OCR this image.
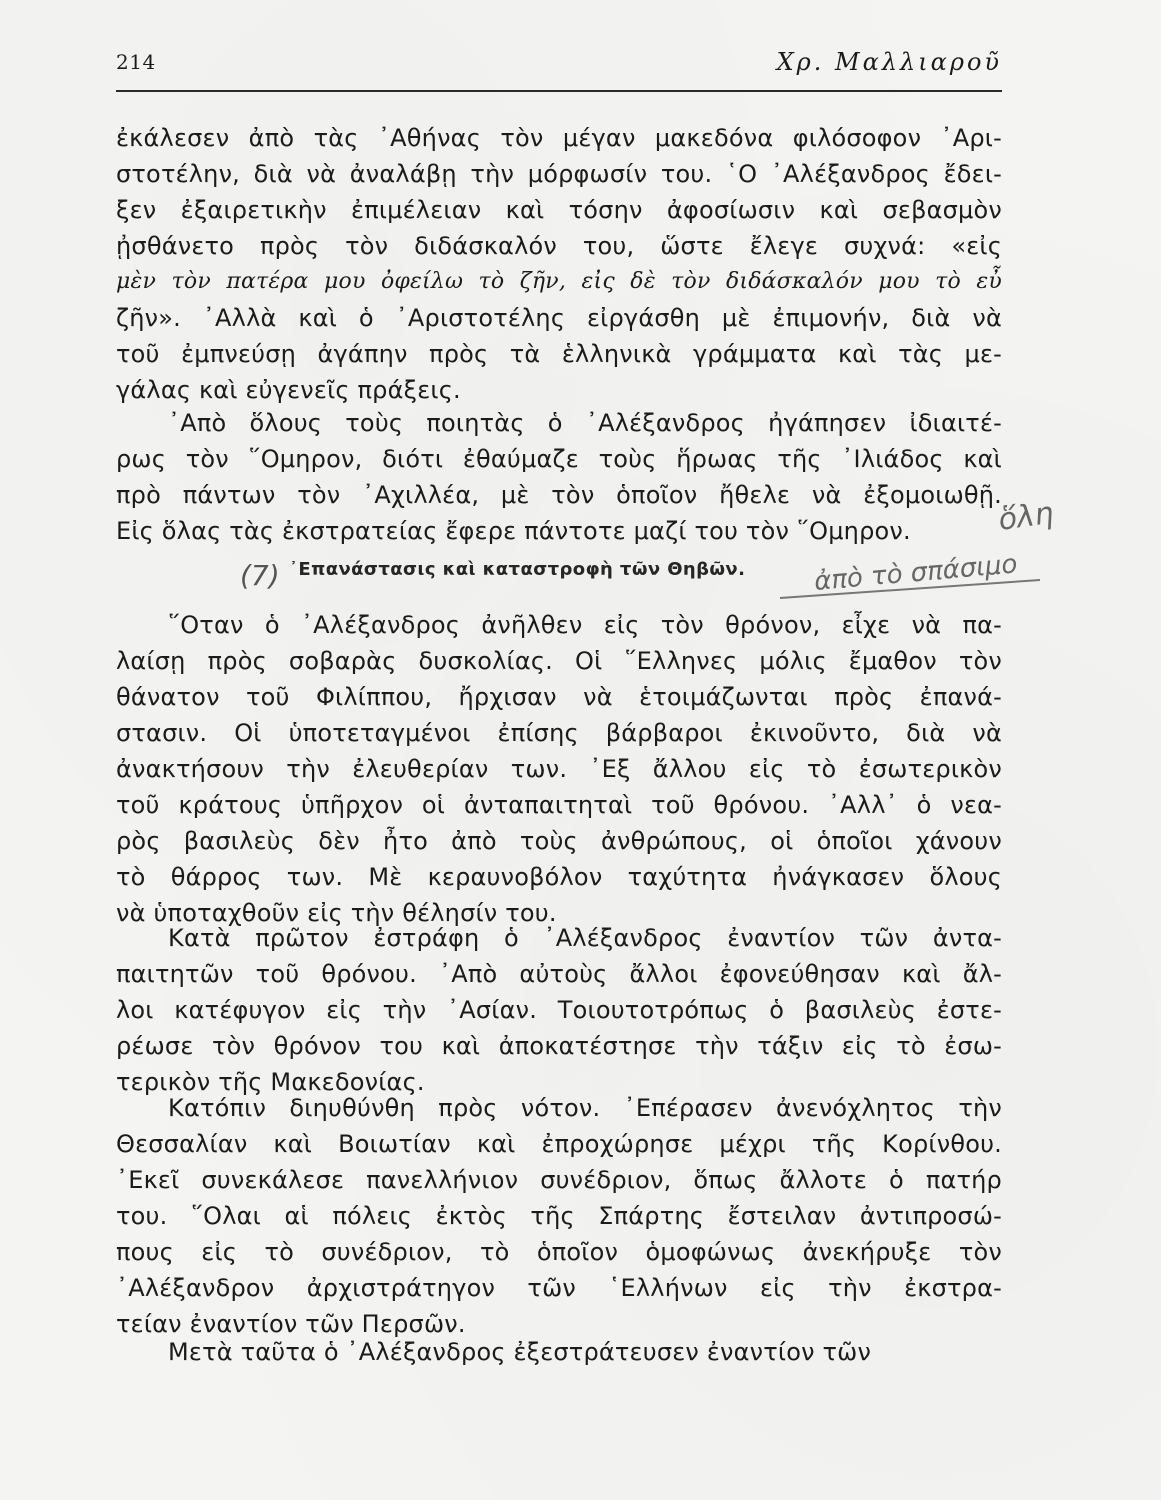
214	Χρ. Μαλλιαροῦ
ἐκάλεσεν ἀπὸ τὰς ᾿Αθήνας τὸν μέγαν μακεδόνα φιλόσοφον ᾿Αρι-
στοτέλην, διὰ νὰ ἀναλάβῃ τὴν μόρφωσίν του. ῾Ο ᾿Αλέξανδρος ἔδει-
ξεν ἐξαιρετικὴν ἐπιμέλειαν καὶ τόσην ἀφοσίωσιν καὶ σεβασμὸν
ᾐσθάνετο πρὸς τὸν διδάσκαλόν του, ὥστε ἔλεγε συχνά: «εἰς
μὲν τὸν πατέρα μου ὀφείλω τὸ ζῆν, εἰς δὲ τὸν διδάσκαλόν μου τὸ εὖ
ζῆν». ᾿Αλλὰ καὶ ὁ ᾿Αριστοτέλης εἰργάσθη μὲ ἐπιμονήν, διὰ νὰ
τοῦ ἐμπνεύσῃ ἀγάπην πρὸς τὰ ἑλληνικὰ γράμματα καὶ τὰς με-
γάλας καὶ εὐγενεῖς πράξεις.
᾿Απὸ ὅλους τοὺς ποιητὰς ὁ ᾿Αλέξανδρος ἠγάπησεν ἰδιαιτέ-
ρως τὸν ῞Ομηρον, διότι ἐθαύμαζε τοὺς ἥρωας τῆς ᾿Ιλιάδος καὶ
πρὸ πάντων τὸν ᾿Αχιλλέα, μὲ τὸν ὁποῖον ἤθελε νὰ ἐξομοιωθῇ.
Εἰς ὅλας τὰς ἐκστρατείας ἔφερε πάντοτε μαζί του τὸν ῞Ομηρον.
᾿Επανάστασις καὶ καταστροφὴ τῶν Θηβῶν.
῞Οταν ὁ ᾿Αλέξανδρος ἀνῆλθεν εἰς τὸν θρόνον, εἶχε νὰ πα-
λαίσῃ πρὸς σοβαρὰς δυσκολίας. Οἱ ῞Ελληνες μόλις ἔμαθον τὸν
θάνατον τοῦ Φιλίππου, ἤρχισαν νὰ ἑτοιμάζωνται πρὸς ἐπανά-
στασιν. Οἱ ὑποτεταγμένοι ἐπίσης βάρβαροι ἐκινοῦντο, διὰ νὰ
ἀνακτήσουν τὴν ἐλευθερίαν των. ᾿Εξ ἄλλου εἰς τὸ ἐσωτερικὸν
τοῦ κράτους ὑπῆρχον οἱ ἀνταπαιτηταὶ τοῦ θρόνου. ᾿Αλλ᾿ ὁ νεα-
ρὸς βασιλεὺς δὲν ἦτο ἀπὸ τοὺς ἀνθρώπους, οἱ ὁποῖοι χάνουν
τὸ θάρρος των. Μὲ κεραυνοβόλον ταχύτητα ἠνάγκασεν ὅλους
νὰ ὑποταχθοῦν εἰς τὴν θέλησίν του.
Κατὰ πρῶτον ἐστράφη ὁ ᾿Αλέξανδρος ἐναντίον τῶν ἀντα-
παιτητῶν τοῦ θρόνου. ᾿Απὸ αὐτοὺς ἄλλοι ἐφονεύθησαν καὶ ἄλ-
λοι κατέφυγον εἰς τὴν ᾿Ασίαν. Τοιουτοτρόπως ὁ βασιλεὺς ἐστε-
ρέωσε τὸν θρόνον του καὶ ἀποκατέστησε τὴν τάξιν εἰς τὸ ἐσω-
τερικὸν τῆς Μακεδονίας.
Κατόπιν διηυθύνθη πρὸς νότον. ᾿Επέρασεν ἀνενόχλητος τὴν
Θεσσαλίαν καὶ Βοιωτίαν καὶ ἐπροχώρησε μέχρι τῆς Κορίνθου.
᾿Εκεῖ συνεκάλεσε πανελλήνιον συνέδριον, ὅπως ἄλλοτε ὁ πατήρ
του. ῞Ολαι αἱ πόλεις ἐκτὸς τῆς Σπάρτης ἔστειλαν ἀντιπροσώ-
πους εἰς τὸ συνέδριον, τὸ ὁποῖον ὁμοφώνως ἀνεκήρυξε τὸν
᾿Αλέξανδρον ἀρχιστράτηγον τῶν ῾Ελλήνων εἰς τὴν ἐκστρα-
τείαν ἐναντίον τῶν Περσῶν.
Μετὰ ταῦτα ὁ ᾿Αλέξανδρος ἐξεστράτευσεν ἐναντίον τῶν
(7)
ὅλη
ἀπὸ τὸ σπάσιμο
